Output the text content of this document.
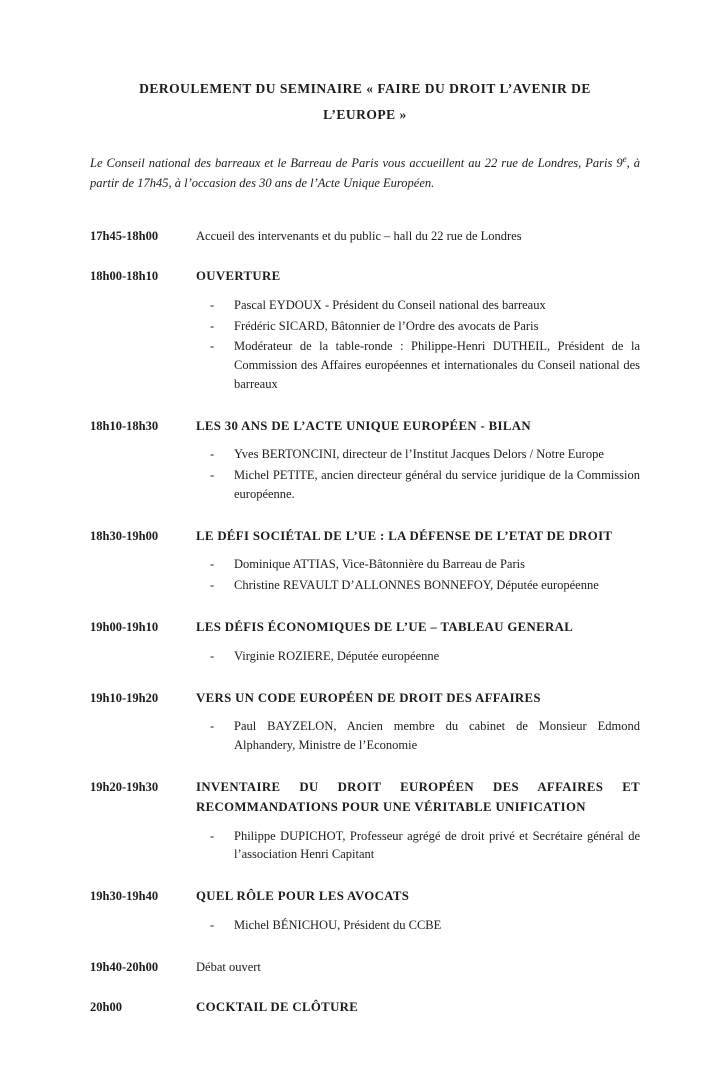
DEROULEMENT DU SEMINAIRE « FAIRE DU DROIT L’AVENIR DE L’EUROPE »

Le Conseil national des barreaux et le Barreau de Paris vous accueillent au 22 rue de Londres, Paris 9e, à partir de 17h45, à l’occasion des 30 ans de l’Acte Unique Européen.

17h45-18h00	Accueil des intervenants et du public – hall du 22 rue de Londres
18h00-18h10	OUVERTURE
- Pascal EYDOUX - Président du Conseil national des barreaux
- Frédéric SICARD, Bâtonnier de l’Ordre des avocats de Paris
- Modérateur de la table-ronde : Philippe-Henri DUTHEIL, Président de la Commission des Affaires européennes et internationales du Conseil national des barreaux
18h10-18h30	LES 30 ANS DE L’ACTE UNIQUE EUROPÉEN - BILAN
- Yves BERTONCINI, directeur de l’Institut Jacques Delors / Notre Europe
- Michel PETITE, ancien directeur général du service juridique de la Commission européenne.
18h30-19h00	LE DÉFI SOCIÉTAL DE L’UE : LA DÉFENSE DE L’ETAT DE DROIT
- Dominique ATTIAS, Vice-Bâtonnière du Barreau de Paris
- Christine REVAULT D’ALLONNES BONNEFOY, Députée européenne
19h00-19h10	LES DÉFIS ÉCONOMIQUES DE L’UE – TABLEAU GENERAL
- Virginie ROZIERE, Députée européenne
19h10-19h20	VERS UN CODE EUROPÉEN DE DROIT DES AFFAIRES
- Paul BAYZELON, Ancien membre du cabinet de Monsieur Edmond Alphandery, Ministre de l’Economie
19h20-19h30	INVENTAIRE DU DROIT EUROPÉEN DES AFFAIRES ET RECOMMANDATIONS POUR UNE VÉRITABLE UNIFICATION
- Philippe DUPICHOT, Professeur agrégé de droit privé et Secrétaire général de l’association Henri Capitant
19h30-19h40	QUEL RÔLE POUR LES AVOCATS
- Michel BÉNICHOU, Président du CCBE
19h40-20h00	Débat ouvert
20h00	COCKTAIL DE CLÔTURE
